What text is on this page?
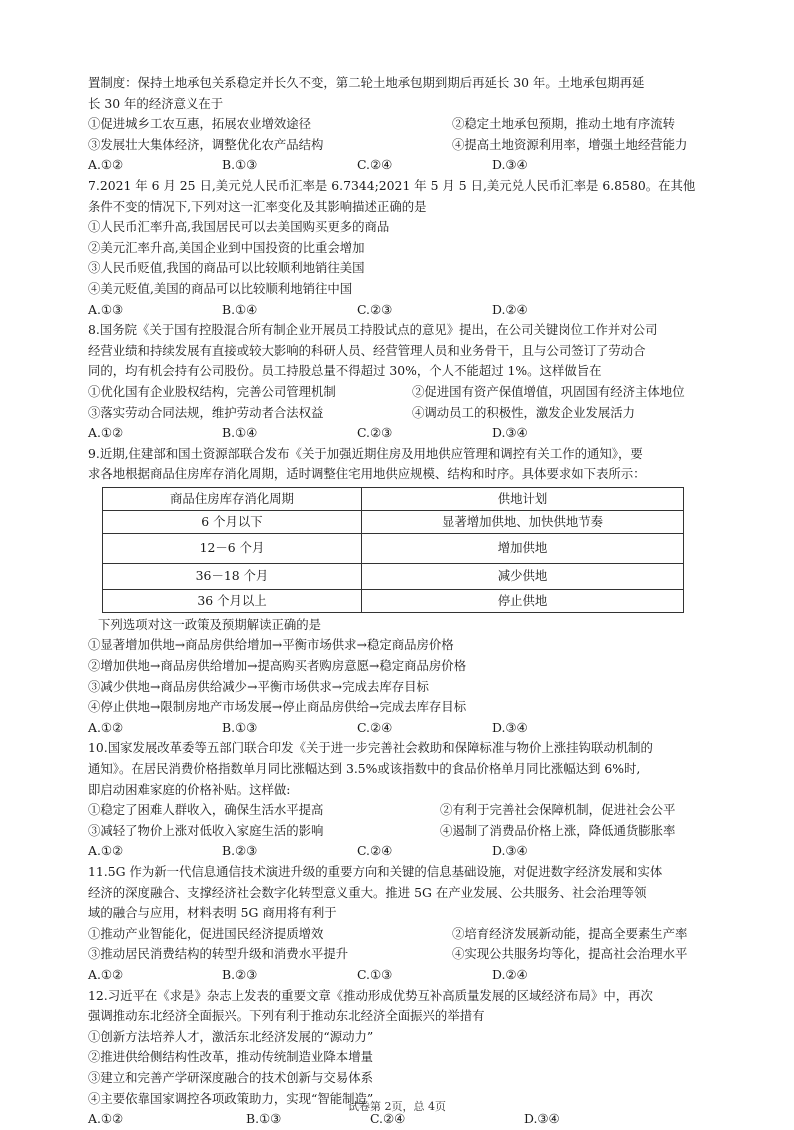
置制度：保持土地承包关系稳定并长久不变，第二轮土地承包期到期后再延长 30 年。土地承包期再延
长 30 年的经济意义在于
①促进城乡工农互惠，拓展农业增效途径	②稳定土地承包预期，推动土地有序流转
③发展壮大集体经济，调整优化农产品结构	④提高土地资源利用率，增强土地经营能力
A.①②	B.①③	C.②④	D.③④
7.2021 年 6 月 25 日,美元兑人民币汇率是 6.7344;2021 年 5 月 5 日,美元兑人民币汇率是 6.8580。在其他
条件不变的情况下,下列对这一汇率变化及其影响描述正确的是
①人民币汇率升高,我国居民可以去美国购买更多的商品
②美元汇率升高,美国企业到中国投资的比重会增加
③人民币贬值,我国的商品可以比较顺利地销往美国
④美元贬值,美国的商品可以比较顺利地销往中国
A.①③	B.①④	C.②③	D.②④
8.国务院《关于国有控股混合所有制企业开展员工持股试点的意见》提出，在公司关键岗位工作并对公司
经营业绩和持续发展有直接或较大影响的科研人员、经营管理人员和业务骨干，且与公司签订了劳动合
同的，均有机会持有公司股份。员工持股总量不得超过 30%，个人不能超过 1%。这样做旨在
①优化国有企业股权结构，完善公司管理机制	②促进国有资产保值增值，巩固国有经济主体地位
③落实劳动合同法规，维护劳动者合法权益	④调动员工的积极性，激发企业发展活力
A.①②	B.①④	C.②③	D.③④
9.近期,住建部和国土资源部联合发布《关于加强近期住房及用地供应管理和调控有关工作的通知》，要
求各地根据商品住房库存消化周期，适时调整住宅用地供应规模、结构和时序。具体要求如下表所示：
商品住房库存消化周期	供地计划
6 个月以下	显著增加供地、加快供地节奏
12－6 个月	增加供地
36－18 个月	减少供地
36 个月以上	停止供地
下列选项对这一政策及预期解读正确的是
①显著增加供地→商品房供给增加→平衡市场供求→稳定商品房价格
②增加供地→商品房供给增加→提高购买者购房意愿→稳定商品房价格
③减少供地→商品房供给减少→平衡市场供求→完成去库存目标
④停止供地→限制房地产市场发展→停止商品房供给→完成去库存目标
A.①②	B.①③	C.②④	D.③④
10.国家发展改革委等五部门联合印发《关于进一步完善社会救助和保障标准与物价上涨挂钩联动机制的
通知》。在居民消费价格指数单月同比涨幅达到 3.5%或该指数中的食品价格单月同比涨幅达到 6%时,
即启动困难家庭的价格补贴。这样做:
①稳定了困难人群收入，确保生活水平提高	②有利于完善社会保障机制，促进社会公平
③减轻了物价上涨对低收入家庭生活的影响	④遏制了消费品价格上涨，降低通货膨胀率
A.①②	B.②③	C.②④	D.③④
11.5G 作为新一代信息通信技术演进升级的重要方向和关键的信息基础设施，对促进数字经济发展和实体
经济的深度融合、支撑经济社会数字化转型意义重大。推进 5G 在产业发展、公共服务、社会治理等领
域的融合与应用，材料表明 5G 商用将有利于
①推动产业智能化，促进国民经济提质增效	②培育经济发展新动能，提高全要素生产率
③推动居民消费结构的转型升级和消费水平提升	④实现公共服务均等化，提高社会治理水平
A.①②	B.②③	C.①③	D.②④
12.习近平在《求是》杂志上发表的重要文章《推动形成优势互补高质量发展的区域经济布局》中，再次
强调推动东北经济全面振兴。下列有利于推动东北经济全面振兴的举措有
①创新方法培养人才，激活东北经济发展的“源动力”
②推进供给侧结构性改革，推动传统制造业降本增量
③建立和完善产学研深度融合的技术创新与交易体系
④主要依靠国家调控各项政策助力，实现“智能制造”
A.①②	B.①③	C.②④	D.③④
试卷第 2页，总 4页
